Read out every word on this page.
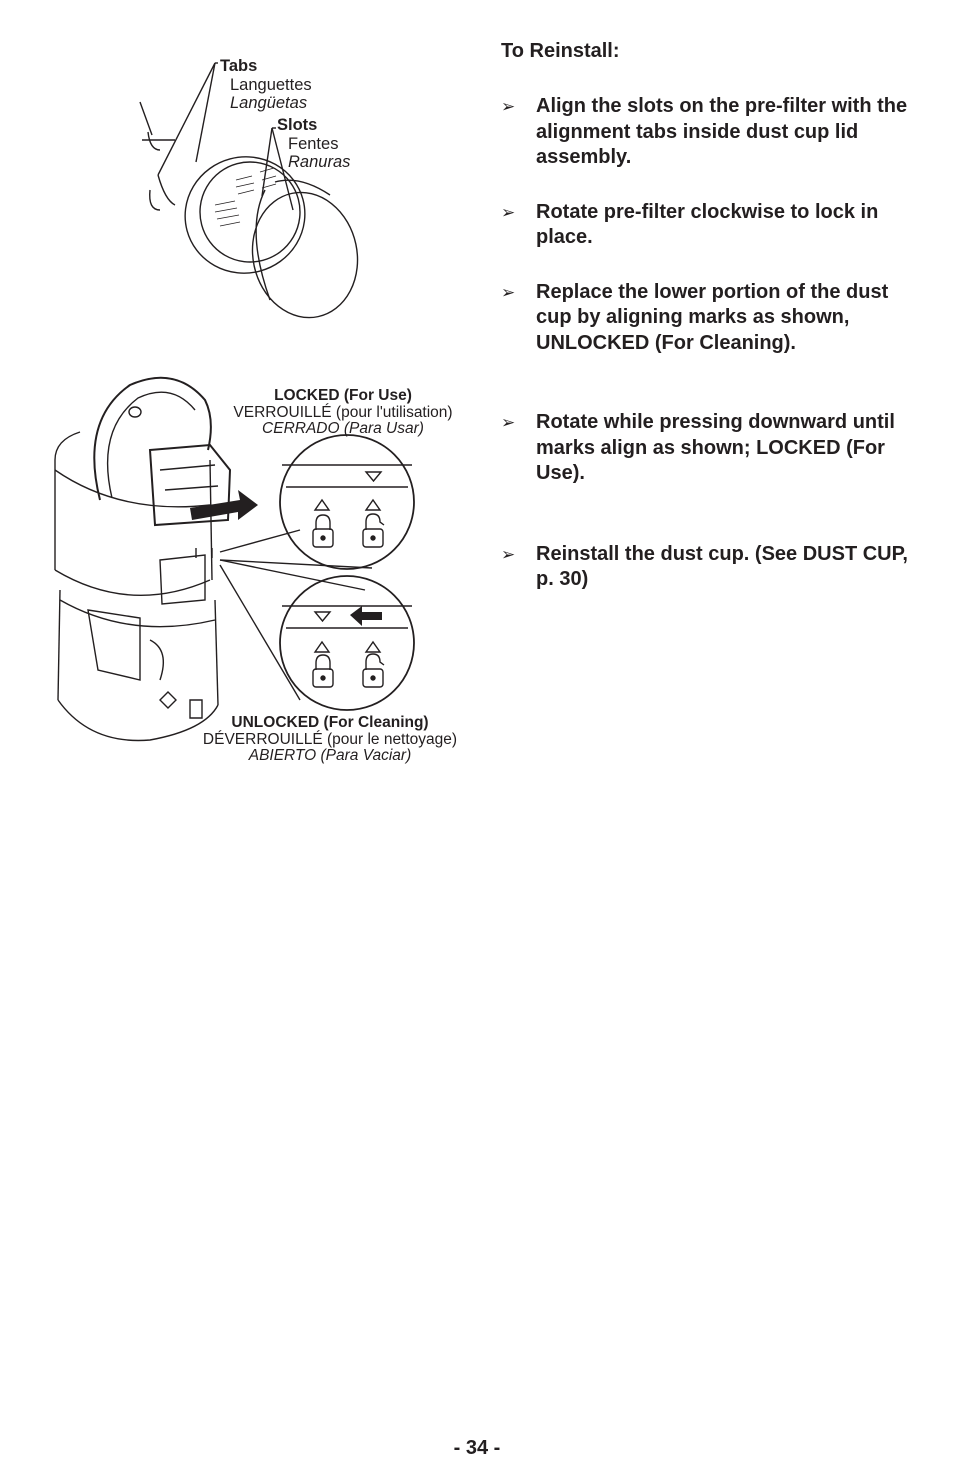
Tabs
Languettes
Langüetas
Slots
Fentes
Ranuras
LOCKED (For Use)
VERROUILLÉ (pour l'utilisation)
CERRADO (Para Usar)
UNLOCKED (For Cleaning)
DÉVERROUILLÉ (pour le nettoyage)
ABIERTO (Para Vaciar)
To Reinstall:
➢ Align the slots on the pre-filter with the alignment tabs inside dust cup lid assembly.
➢ Rotate pre-filter clockwise to lock in place.
➢ Replace the lower portion of the dust cup by aligning marks as shown, UNLOCKED (For Cleaning).
➢ Rotate while pressing downward until marks align as shown; LOCKED (For Use).
➢ Reinstall the dust cup. (See DUST CUP, p. 30)
- 34 -
